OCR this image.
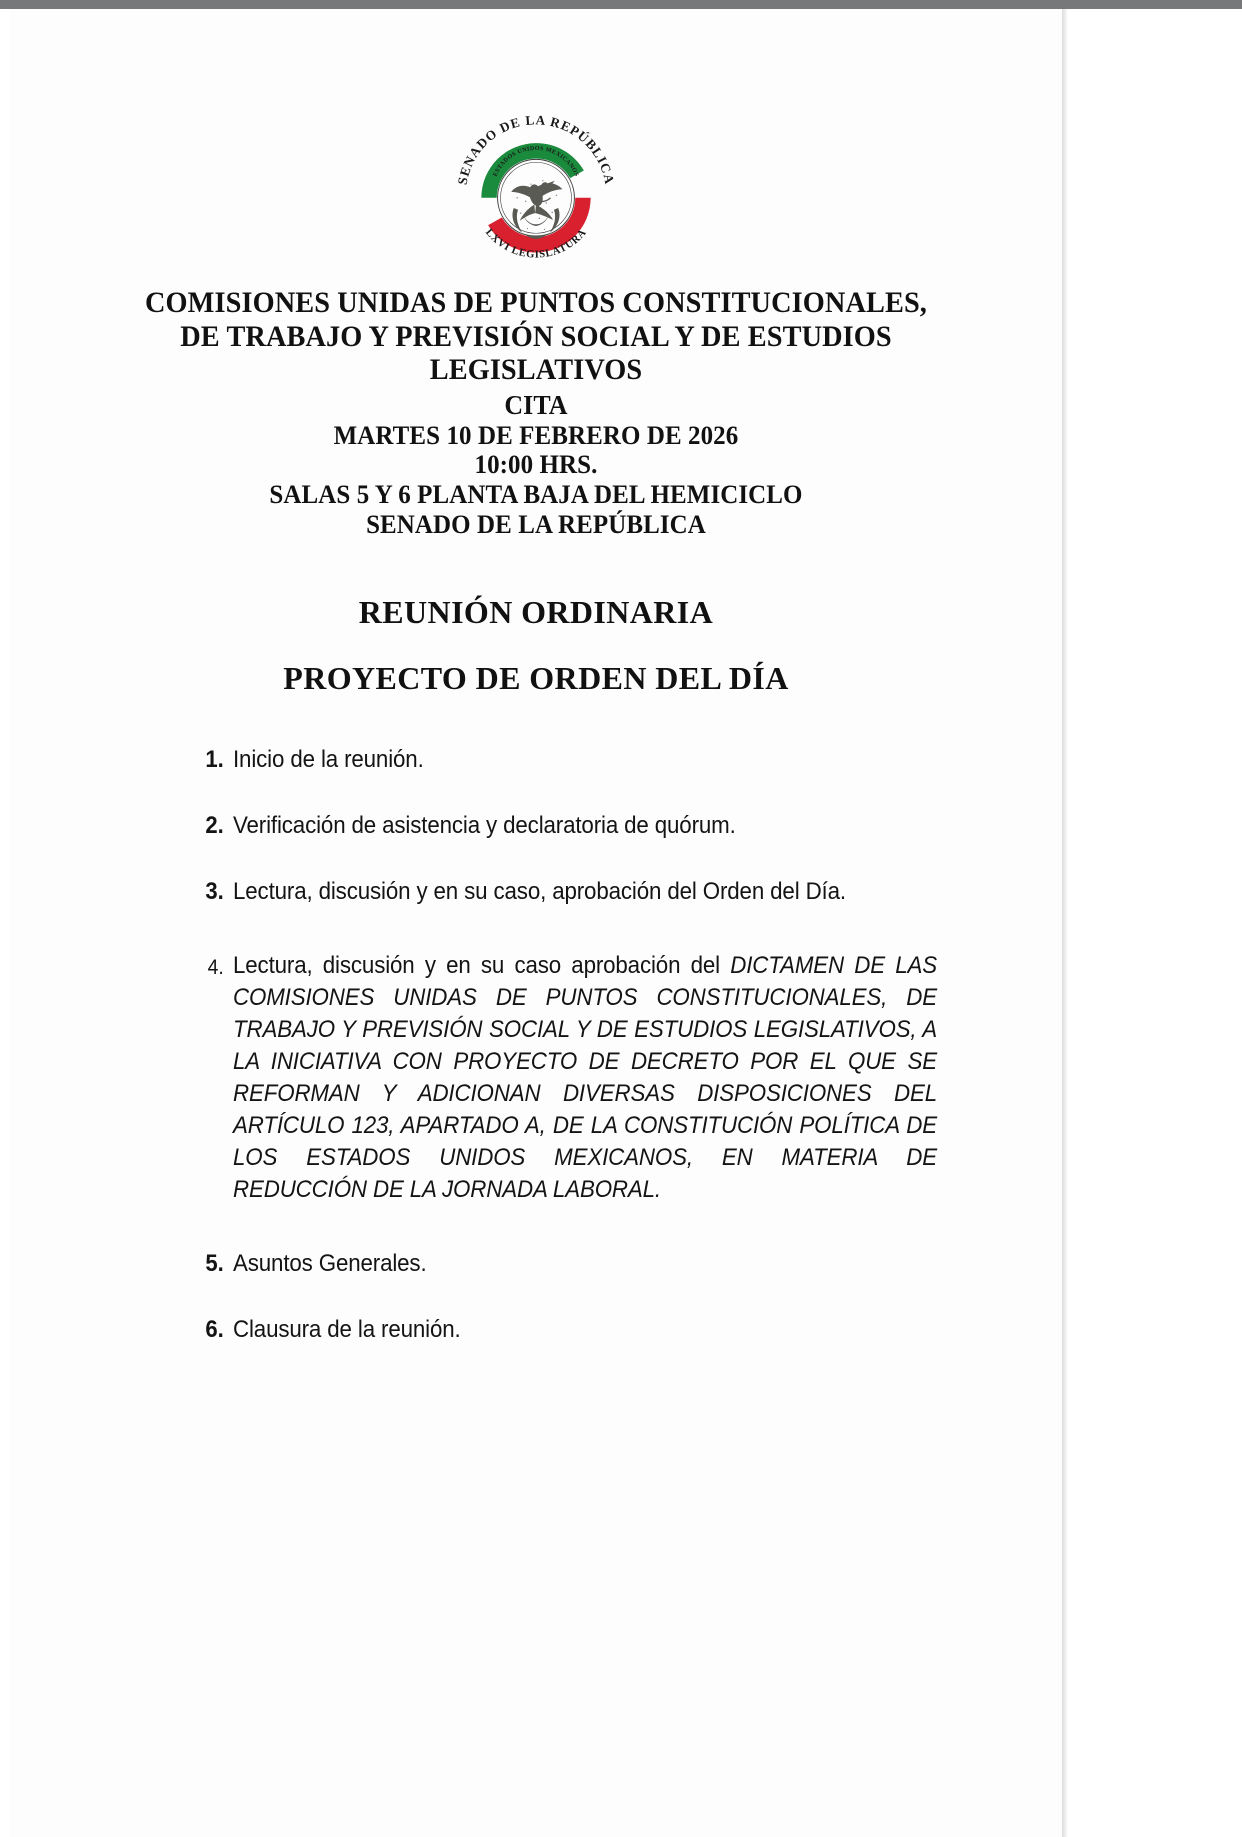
SENADO DE LA REPÚBLICA
LXVI LEGISLATURA
ESTADOS UNIDOS MEXICANOS
COMISIONES UNIDAS DE PUNTOS CONSTITUCIONALES,
DE TRABAJO Y PREVISIÓN SOCIAL Y DE ESTUDIOS
LEGISLATIVOS
CITA
MARTES 10 DE FEBRERO DE 2026
10:00 HRS.
SALAS 5 Y 6 PLANTA BAJA DEL HEMICICLO
SENADO DE LA REPÚBLICA
REUNIÓN ORDINARIA
PROYECTO DE ORDEN DEL DÍA
1. Inicio de la reunión.
2. Verificación de asistencia y declaratoria de quórum.
3. Lectura, discusión y en su caso, aprobación del Orden del Día.
4. Lectura, discusión y en su caso aprobación del DICTAMEN DE LAS COMISIONES UNIDAS DE PUNTOS CONSTITUCIONALES, DE TRABAJO Y PREVISIÓN SOCIAL Y DE ESTUDIOS LEGISLATIVOS, A LA INICIATIVA CON PROYECTO DE DECRETO POR EL QUE SE REFORMAN Y ADICIONAN DIVERSAS DISPOSICIONES DEL ARTÍCULO 123, APARTADO A, DE LA CONSTITUCIÓN POLÍTICA DE LOS ESTADOS UNIDOS MEXICANOS, EN MATERIA DE REDUCCIÓN DE LA JORNADA LABORAL.
5. Asuntos Generales.
6. Clausura de la reunión.
